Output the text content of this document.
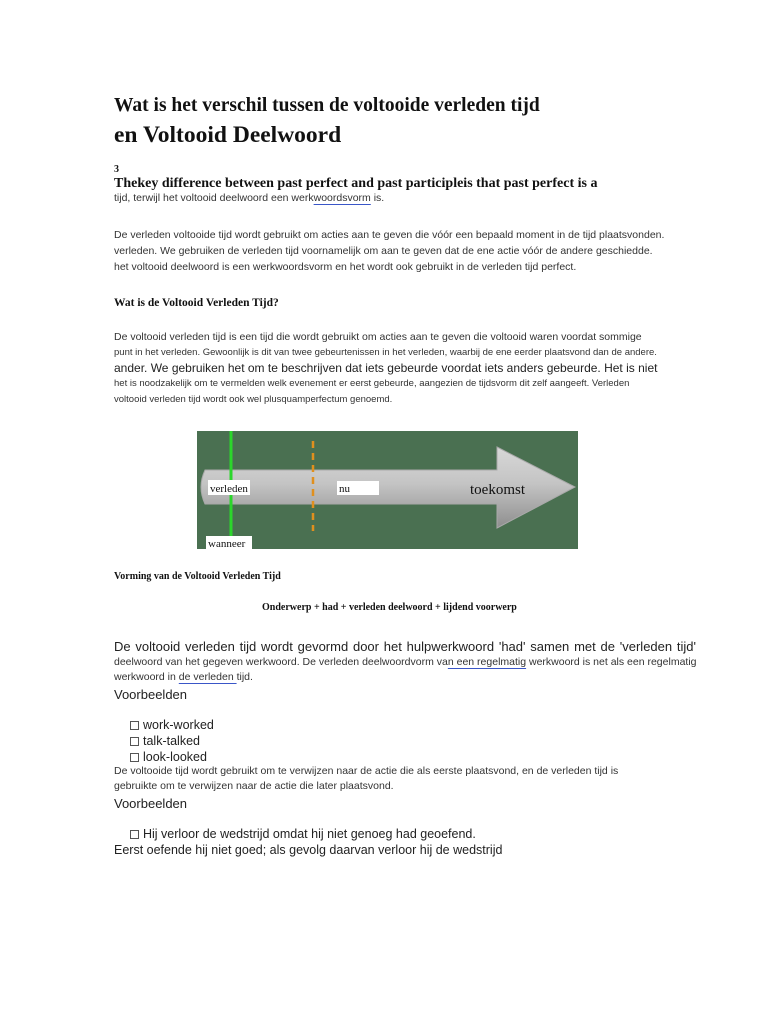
Wat is het verschil tussen de voltooide verleden tijd
en Voltooid Deelwoord
3
Thekey difference between past perfect and past participleis that past perfect is a
tijd, terwijl het voltooid deelwoord een werkwoordsvorm is.
De verleden voltooide tijd wordt gebruikt om acties aan te geven die vóór een bepaald moment in de tijd plaatsvonden.
verleden. We gebruiken de verleden tijd voornamelijk om aan te geven dat de ene actie vóór de andere geschiedde.
het voltooid deelwoord is een werkwoordsvorm en het wordt ook gebruikt in de verleden tijd perfect.
Wat is de Voltooid Verleden Tijd?
De voltooid verleden tijd is een tijd die wordt gebruikt om acties aan te geven die voltooid waren voordat sommige
punt in het verleden. Gewoonlijk is dit van twee gebeurtenissen in het verleden, waarbij de ene eerder plaatsvond dan de andere.
ander. We gebruiken het om te beschrijven dat iets gebeurde voordat iets anders gebeurde. Het is niet
het is noodzakelijk om te vermelden welk evenement er eerst gebeurde, aangezien de tijdsvorm dit zelf aangeeft. Verleden
voltooid verleden tijd wordt ook wel plusquamperfectum genoemd.
verleden	nu	toekomst
wanneer
Vorming van de Voltooid Verleden Tijd
Onderwerp + had + verleden deelwoord + lijdend voorwerp
De voltooid verleden tijd wordt gevormd door het hulpwerkwoord 'had' samen met de 'verleden tijd'
deelwoord van het gegeven werkwoord. De verleden deelwoordvorm van een regelmatig werkwoord is net als een regelmatig
werkwoord in de verleden tijd.
Voorbeelden
work-worked
talk-talked
look-looked
De voltooide tijd wordt gebruikt om te verwijzen naar de actie die als eerste plaatsvond, en de verleden tijd is
gebruikte om te verwijzen naar de actie die later plaatsvond.
Voorbeelden
Hij verloor de wedstrijd omdat hij niet genoeg had geoefend.
Eerst oefende hij niet goed; als gevolg daarvan verloor hij de wedstrijd
